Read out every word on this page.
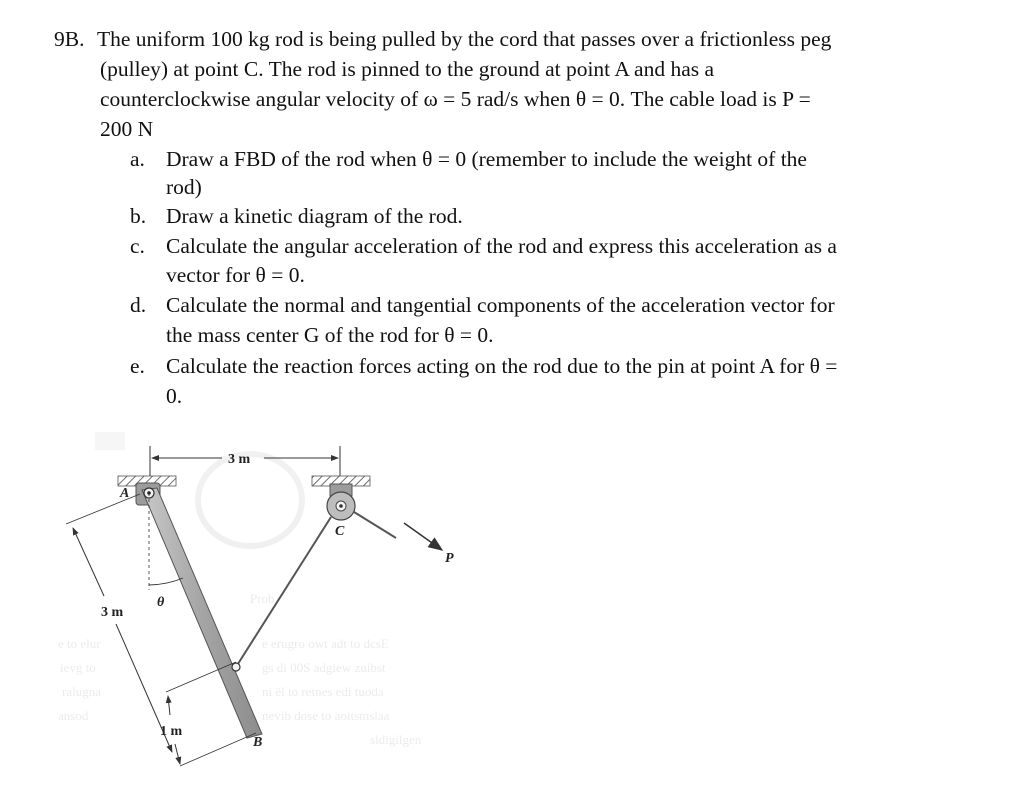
9B. The uniform 100 kg rod is being pulled by the cord that passes over a frictionless peg
(pulley) at point C. The rod is pinned to the ground at point A and has a
counterclockwise angular velocity of ω = 5 rad/s when θ = 0. The cable load is P =
200 N
a. Draw a FBD of the rod when θ = 0 (remember to include the weight of the
rod)
b. Draw a kinetic diagram of the rod.
c. Calculate the angular acceleration of the rod and express this acceleration as a
vector for θ = 0.
d. Calculate the normal and tangential components of the acceleration vector for
the mass center G of the rod for θ = 0.
e. Calculate the reaction forces acting on the rod due to the pin at point A for θ =
0.
e to elur
ievg to
ralugna
ansod
Prob
e erugro owt adt to dcsE
gs di 00S adgiew zuibst
ni ël to retnes edi tuoda
nevib dose to aoitsmslaa
sldigilgen
3 m
3 m
1 m
A
B
C
P
θ
